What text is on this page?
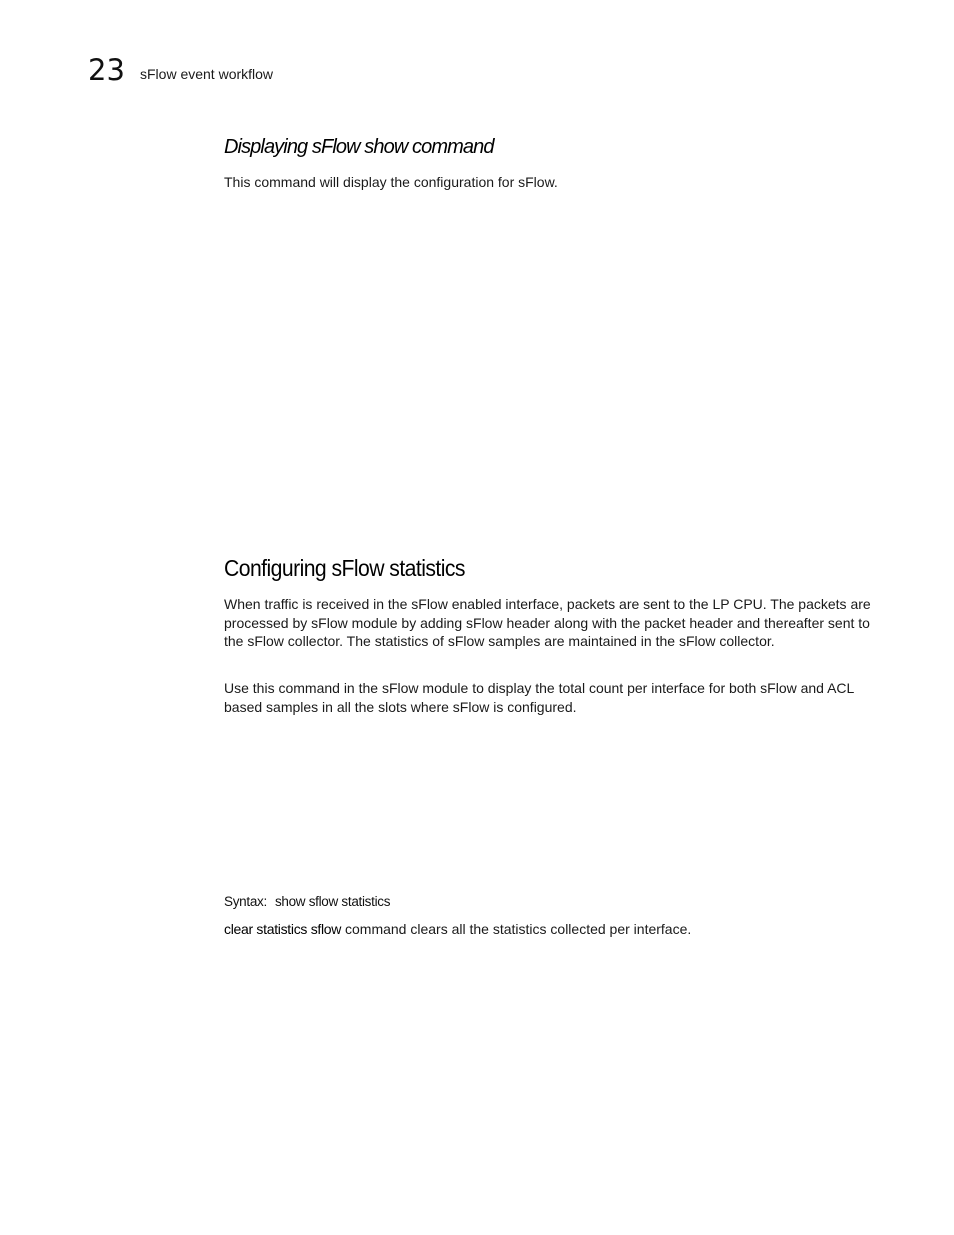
23 sFlow event workflow
Displaying sFlow show command

This command will display the configuration for sFlow.

Configuring sFlow statistics

When traffic is received in the sFlow enabled interface, packets are sent to the LP CPU. The packets are processed by sFlow module by adding sFlow header along with the packet header and thereafter sent to the sFlow collector. The statistics of sFlow samples are maintained in the sFlow collector.

Use this command in the sFlow module to display the total count per interface for both sFlow and ACL based samples in all the slots where sFlow is configured.

Syntax: show sflow statistics

clear statistics sflow command clears all the statistics collected per interface.
